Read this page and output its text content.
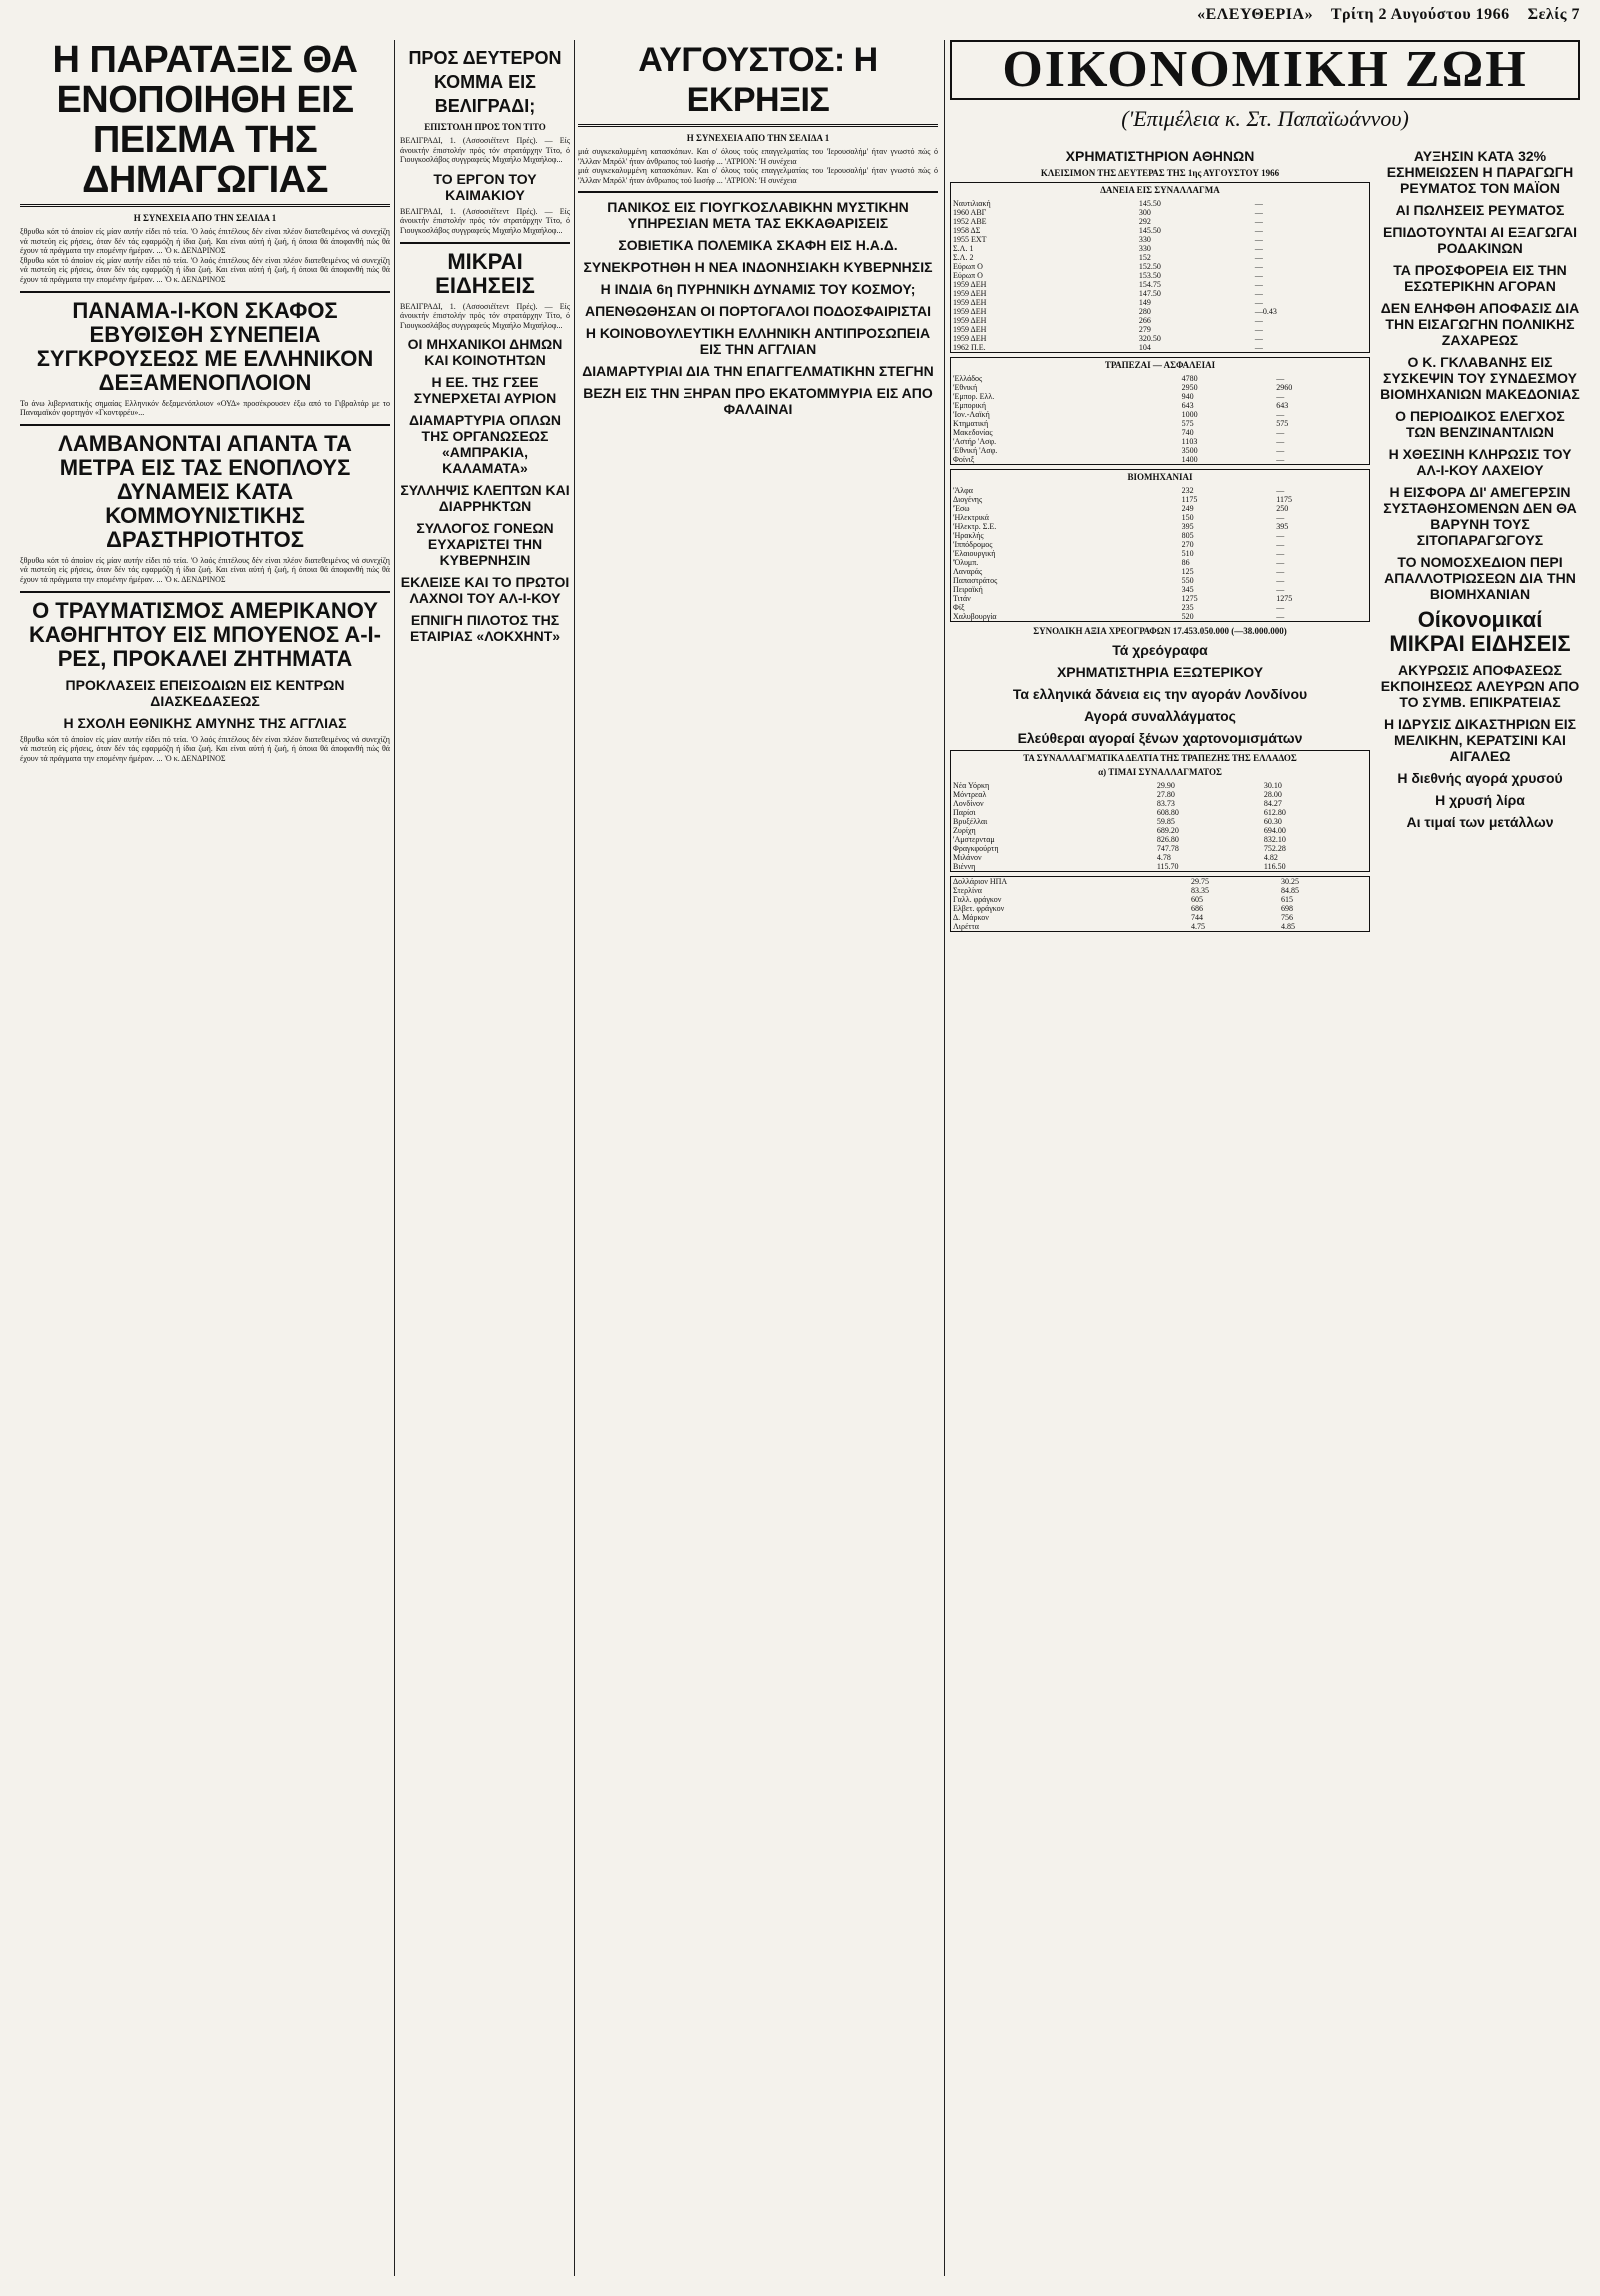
«ΕΛΕΥΘΕΡΙΑ» Τρίτη 2 Αυγούστου 1966 Σελίς 7
Η ΠΑΡΑΤΑΞΙΣ ΘΑ ΕΝΟΠΟΙΗΘΗ ΕΙΣ ΠΕΙΣΜΑ ΤΗΣ ΔΗΜΑΓΩΓΙΑΣ
Η ΣΥΝΕΧΕΙΑ ΑΠΟ ΤΗΝ ΣΕΛΙΔΑ 1

ξθρυθω κόπ τό άποίον είς μίαν αυτήν είδει πό τεία. 'Ο λαός έπιτέλους δέν είναι πλέον διατεθειμένος νά συνεχίζη νά πιστεύη είς ρήσεις, όταν δέν τάς εφαρμόζη ή ίδια ζωή. Και είναι αύτή ή ζωή, ή όποια θά άποφανθή πώς θά έχουν τά πράγματα την επομένην ήμέραν. ... 'Ο κ. ΔΕΝΔΡΙΝΟΣ

ξθρυθω κόπ τό άποίον είς μίαν αυτήν είδει πό τεία. 'Ο λαός έπιτέλους δέν είναι πλέον διατεθειμένος νά συνεχίζη νά πιστεύη είς ρήσεις, όταν δέν τάς εφαρμόζη ή ίδια ζωή. Και είναι αύτή ή ζωή, ή όποια θά άποφανθή πώς θά έχουν τά πράγματα την επομένην ήμέραν. ... 'Ο κ. ΔΕΝΔΡΙΝΟΣ

ΠΑΝΑΜΑ-Ι-ΚΟΝ ΣΚΑΦΟΣ ΕΒΥΘΙΣΘΗ ΣΥΝΕΠΕΙΑ ΣΥΓΚΡΟΥΣΕΩΣ ΜΕ ΕΛΛΗΝΙΚΟΝ ΔΕΞΑΜΕΝΟΠΛΟΙΟΝ

Το άνω λιβερνιατικής σημαίας Ελληνικόν δεξαμενόπλοιον «ΟΥΔ» προσέκρουσεν έξω από το Γιβραλτάρ με το Παναμαϊκόν φορτηγόν «Γκοντφρέυ»...

ΛΑΜΒΑΝΟΝΤΑΙ ΑΠΑΝΤΑ ΤΑ ΜΕΤΡΑ ΕΙΣ ΤΑΣ ΕΝΟΠΛΟΥΣ ΔΥΝΑΜΕΙΣ ΚΑΤΑ ΚΟΜΜΟΥΝΙΣΤΙΚΗΣ ΔΡΑΣΤΗΡΙΟΤΗΤΟΣ

ξθρυθω κόπ τό άποίον είς μίαν αυτήν είδει πό τεία. 'Ο λαός έπιτέλους δέν είναι πλέον διατεθειμένος νά συνεχίζη νά πιστεύη είς ρήσεις, όταν δέν τάς εφαρμόζη ή ίδια ζωή. Και είναι αύτή ή ζωή, ή όποια θά άποφανθή πώς θά έχουν τά πράγματα την επομένην ήμέραν. ... 'Ο κ. ΔΕΝΔΡΙΝΟΣ

Ο ΤΡΑΥΜΑΤΙΣΜΟΣ ΑΜΕΡΙΚΑΝΟΥ ΚΑΘΗΓΗΤΟΥ ΕΙΣ ΜΠΟΥΕΝΟΣ Α-Ι-ΡΕΣ, ΠΡΟΚΑΛΕΙ ΖΗΤΗΜΑΤΑ
ΠΡΟΚΛΑΣΕΙΣ ΕΠΕΙΣΟΔΙΩΝ ΕΙΣ ΚΕΝΤΡΩΝ ΔΙΑΣΚΕΔΑΣΕΩΣ
Η ΣΧΟΛΗ ΕΘΝΙΚΗΣ ΑΜΥΝΗΣ ΤΗΣ ΑΓΓΛΙΑΣ

ξθρυθω κόπ τό άποίον είς μίαν αυτήν είδει πό τεία. 'Ο λαός έπιτέλους δέν είναι πλέον διατεθειμένος νά συνεχίζη νά πιστεύη είς ρήσεις, όταν δέν τάς εφαρμόζη ή ίδια ζωή. Και είναι αύτή ή ζωή, ή όποια θά άποφανθή πώς θά έχουν τά πράγματα την επομένην ήμέραν. ... 'Ο κ. ΔΕΝΔΡΙΝΟΣ

ΠΡΟΣ ΔΕΥΤΕΡΟΝ ΚΟΜΜΑ ΕΙΣ ΒΕΛΙΓΡΑΔΙ;
ΕΠΙΣΤΟΛΗ ΠΡΟΣ ΤΟΝ ΤΙΤΟ

ΒΕΛΙΓΡΑΔΙ, 1. (Ασσοσιέϊτεντ Πρές). — Είς άνοικτήν έπιστολήν πρός τόν στρατάρχην Τίτο, ό Γιουγκοσλάβος συγγραφεύς Μιχαήλο Μιχαήλοφ...

ΤΟ ΕΡΓΟΝ ΤΟΥ ΚΑΙΜΑΚΙΟΥ

ΒΕΛΙΓΡΑΔΙ, 1. (Ασσοσιέϊτεντ Πρές). — Είς άνοικτήν έπιστολήν πρός τόν στρατάρχην Τίτο, ό Γιουγκοσλάβος συγγραφεύς Μιχαήλο Μιχαήλοφ...

ΜΙΚΡΑΙ ΕΙΔΗΣΕΙΣ

ΒΕΛΙΓΡΑΔΙ, 1. (Ασσοσιέϊτεντ Πρές). — Είς άνοικτήν έπιστολήν πρός τόν στρατάρχην Τίτο, ό Γιουγκοσλάβος συγγραφεύς Μιχαήλο Μιχαήλοφ...

ΟΙ ΜΗΧΑΝΙΚΟΙ ΔΗΜΩΝ ΚΑΙ ΚΟΙΝΟΤΗΤΩΝ
Η ΕΕ. ΤΗΣ ΓΣΕΕ ΣΥΝΕΡΧΕΤΑΙ ΑΥΡΙΟΝ
ΔΙΑΜΑΡΤΥΡΙΑ ΟΠΛΩΝ ΤΗΣ ΟΡΓΑΝΩΣΕΩΣ «ΑΜΠΡΑΚΙΑ, ΚΑΛΑΜΑΤΑ»
ΣΥΛΛΗΨΙΣ ΚΛΕΠΤΩΝ ΚΑΙ ΔΙΑΡΡΗΚΤΩΝ
ΣΥΛΛΟΓΟΣ ΓΟΝΕΩΝ ΕΥΧΑΡΙΣΤΕΙ ΤΗΝ ΚΥΒΕΡΝΗΣΙΝ
ΕΚΛΕΙΣΕ ΚΑΙ ΤΟ ΠΡΩΤΟΙ ΛΑΧΝΟΙ ΤΟΥ ΑΛ-Ι-ΚΟΥ
ΕΠΝΙΓΗ ΠΙΛΟΤΟΣ ΤΗΣ ΕΤΑΙΡΙΑΣ «ΛΟΚΧΗΝΤ»
ΑΥΓΟΥΣΤΟΣ: Η ΕΚΡΗΞΙΣ
Η ΣΥΝΕΧΕΙΑ ΑΠΟ ΤΗΝ ΣΕΛΙΔΑ 1

μιά συγκεκαλυμμένη κατασκόπων. Και ο' όλους τούς επαγγελματίας του 'Ιερουσαλήμ' ήταν γνωστό πώς ό 'Άλλαν Μπρόλ' ήταν άνθρωπος τού Ιωσήφ ... 'ΑΤΡΙΟΝ: 'Η συνέχεια

μιά συγκεκαλυμμένη κατασκόπων. Και ο' όλους τούς επαγγελματίας του 'Ιερουσαλήμ' ήταν γνωστό πώς ό 'Άλλαν Μπρόλ' ήταν άνθρωπος τού Ιωσήφ ... 'ΑΤΡΙΟΝ: 'Η συνέχεια

ΠΑΝΙΚΟΣ ΕΙΣ ΓΙΟΥΓΚΟΣΛΑΒΙΚΗΝ ΜΥΣΤΙΚΗΝ ΥΠΗΡΕΣΙΑΝ ΜΕΤΑ ΤΑΣ ΕΚΚΑΘΑΡΙΣΕΙΣ
ΣΟΒΙΕΤΙΚΑ ΠΟΛΕΜΙΚΑ ΣΚΑΦΗ ΕΙΣ Η.Α.Δ.
ΣΥΝΕΚΡΟΤΗΘΗ Η ΝΕΑ ΙΝΔΟΝΗΣΙΑΚΗ ΚΥΒΕΡΝΗΣΙΣ
Η ΙΝΔΙΑ 6η ΠΥΡΗΝΙΚΗ ΔΥΝΑΜΙΣ ΤΟΥ ΚΟΣΜΟΥ;
ΑΠΕΝΘΩΘΗΣΑΝ ΟΙ ΠΟΡΤΟΓΑΛΟΙ ΠΟΔΟΣΦΑΙΡΙΣΤΑΙ
Η ΚΟΙΝΟΒΟΥΛΕΥΤΙΚΗ ΕΛΛΗΝΙΚΗ ΑΝΤΙΠΡΟΣΩΠΕΙΑ ΕΙΣ ΤΗΝ ΑΓΓΛΙΑΝ
ΔΙΑΜΑΡΤΥΡΙΑΙ ΔΙΑ ΤΗΝ ΕΠΑΓΓΕΛΜΑΤΙΚΗΝ ΣΤΕΓΗΝ
ΒΕΖΗ ΕΙΣ ΤΗΝ ΞΗΡΑΝ ΠΡΟ ΕΚΑΤΟΜΜΥΡΙΑ ΕΙΣ ΑΠΟ ΦΑΛΑΙΝΑΙ
ΟΙΚΟΝΟΜΙΚΗ ΖΩΗ
('Επιμέλεια κ. Στ. Παπαϊωάννου)
ΧΡΗΜΑΤΙΣΤΗΡΙΟΝ ΑΘΗΝΩΝ
ΚΛΕΙΣΙΜΟΝ ΤΗΣ ΔΕΥΤΕΡΑΣ ΤΗΣ 1ης ΑΥΓΟΥΣΤΟΥ 1966
ΔΑΝΕΙΑ ΕΙΣ ΣΥΝΑΛΛΑΓΜΑ
Ναυτιλιακή	145.50	—
1960 ΑΒΓ	300	—
1952 ΑΒΕ	292	—
1958 ΔΣ	145.50	—
1955 ΕΧΤ	330	—
Σ.Λ. 1	330	—
Σ.Λ. 2	152	—
Εύρωπ Ο	152.50	—
Εύρωπ Ο	153.50	—
1959 ΔΕΗ	154.75	—
1959 ΔΕΗ	147.50	—
1959 ΔΕΗ	149	—
1959 ΔΕΗ	280	—0.43
1959 ΔΕΗ	266	—
1959 ΔΕΗ	279	—
1959 ΔΕΗ	320.50	—
1962 Π.Ε.	104	—
ΤΡΑΠΕΖΑΙ — ΑΣΦΑΛΕΙΑΙ
'Ελλάδος	4780	—
'Εθνική	2950	2960
'Εμπορ. Ελλ.	940	—
'Εμπορική	643	643
'Ιον.-Λαϊκή	1000	—
Κτηματική	575	575
Μακεδονίας	740	—
'Αστήρ 'Ασφ.	1103	—
'Εθνική 'Ασφ.	3500	—
Φοίνιξ	1400	—
ΒΙΟΜΗΧΑΝΙΑΙ
'Άλφα	232	—
Διογένης	1175	1175
'Έσω	249	250
'Ηλεκτρικά	150	—
'Ηλεκτρ. Σ.Ε.	395	395
'Ηρακλής	805	—
'Ιππόδρομος	270	—
'Ελαιουργική	510	—
'Όλυμπ.	86	—
Λαναράς	125	—
Παπαστράτος	550	—
Πειραϊκή	345	—
Τιτάν	1275	1275
Φίξ	235	—
Χαλυβουργία	520	—
ΣΥΝΟΛΙΚΗ ΑΞΙΑ ΧΡΕΟΓΡΑΦΩΝ 17.453.050.000 (—38.000.000)
Τά χρεόγραφα
ΧΡΗΜΑΤΙΣΤΗΡΙΑ ΕΞΩΤΕΡΙΚΟΥ
Τα ελληνικά δάνεια εις την αγοράν Λονδίνου
Αγορά συναλλάγματος
Ελεύθεραι αγοραί ξένων χαρτονομισμάτων
ΤΑ ΣΥΝΑΛΛΑΓΜΑΤΙΚΑ ΔΕΛΤΙΑ ΤΗΣ ΤΡΑΠΕΖΗΣ ΤΗΣ ΕΛΛΑΔΟΣ
α) ΤΙΜΑΙ ΣΥΝΑΛΛΑΓΜΑΤΟΣ
Νέα Υόρκη	29.90	30.10
Μόντρεαλ	27.80	28.00
Λονδίνον	83.73	84.27
Παρίσι	608.80	612.80
Βρυξέλλαι	59.85	60.30
Ζυρίχη	689.20	694.00
'Αμστερνταμ	826.80	832.10
Φραγκφούρτη	747.78	752.28
Μιλάνον	4.78	4.82
Βιέννη	115.70	116.50
Δολλάριον ΗΠΑ	29.75	30.25
Στερλίνα	83.35	84.85
Γαλλ. φράγκον	605	615
Ελβετ. φράγκον	686	698
Δ. Μάρκον	744	756
Λιρέττα	4.75	4.85
ΑΥΞΗΣΙΝ ΚΑΤΑ 32% ΕΣΗΜΕΙΩΣΕΝ Η ΠΑΡΑΓΩΓΗ ΡΕΥΜΑΤΟΣ ΤΟΝ ΜΑΪΟΝ
ΑΙ ΠΩΛΗΣΕΙΣ ΡΕΥΜΑΤΟΣ
ΕΠΙΔΟΤΟΥΝΤΑΙ ΑΙ ΕΞΑΓΩΓΑΙ ΡΟΔΑΚΙΝΩΝ
ΤΑ ΠΡΟΣΦΟΡΕΙΑ ΕΙΣ ΤΗΝ ΕΣΩΤΕΡΙΚΗΝ ΑΓΟΡΑΝ
ΔΕΝ ΕΛΗΦΘΗ ΑΠΟΦΑΣΙΣ ΔΙΑ ΤΗΝ ΕΙΣΑΓΩΓΗΝ ΠΟΛΝΙΚΗΣ ΖΑΧΑΡΕΩΣ
Ο Κ. ΓΚΛΑΒΑΝΗΣ ΕΙΣ ΣΥΣΚΕΨΙΝ ΤΟΥ ΣΥΝΔΕΣΜΟΥ ΒΙΟΜΗΧΑΝΙΩΝ ΜΑΚΕΔΟΝΙΑΣ
Ο ΠΕΡΙΟΔΙΚΟΣ ΕΛΕΓΧΟΣ ΤΩΝ ΒΕΝΖΙΝΑΝΤΛΙΩΝ
Η ΧΘΕΣΙΝΗ ΚΛΗΡΩΣΙΣ ΤΟΥ ΑΛ-Ι-ΚΟΥ ΛΑΧΕΙΟΥ
Η ΕΙΣΦΟΡΑ ΔΙ' ΑΜΕΓΕΡΣΙΝ ΣΥΣΤΑΘΗΣΟΜΕΝΩΝ ΔΕΝ ΘΑ ΒΑΡΥΝΗ ΤΟΥΣ ΣΙΤΟΠΑΡΑΓΩΓΟΥΣ
ΤΟ ΝΟΜΟΣΧΕΔΙΟΝ ΠΕΡΙ ΑΠΑΛΛΟΤΡΙΩΣΕΩΝ ΔΙΑ ΤΗΝ ΒΙΟΜΗΧΑΝΙΑΝ
Οίκονομικαί ΜΙΚΡΑΙ ΕΙΔΗΣΕΙΣ
ΑΚΥΡΩΣΙΣ ΑΠΟΦΑΣΕΩΣ ΕΚΠΟΙΗΣΕΩΣ ΑΛΕΥΡΩΝ ΑΠΟ ΤΟ ΣΥΜΒ. ΕΠΙΚΡΑΤΕΙΑΣ
Η ΙΔΡΥΣΙΣ ΔΙΚΑΣΤΗΡΙΩΝ ΕΙΣ ΜΕΛΙΚΗΝ, ΚΕΡΑΤΣΙΝΙ ΚΑΙ ΑΙΓΑΛΕΩ
Η διεθνής αγορά χρυσού
Η χρυσή λίρα
Αι τιμαί των μετάλλων
